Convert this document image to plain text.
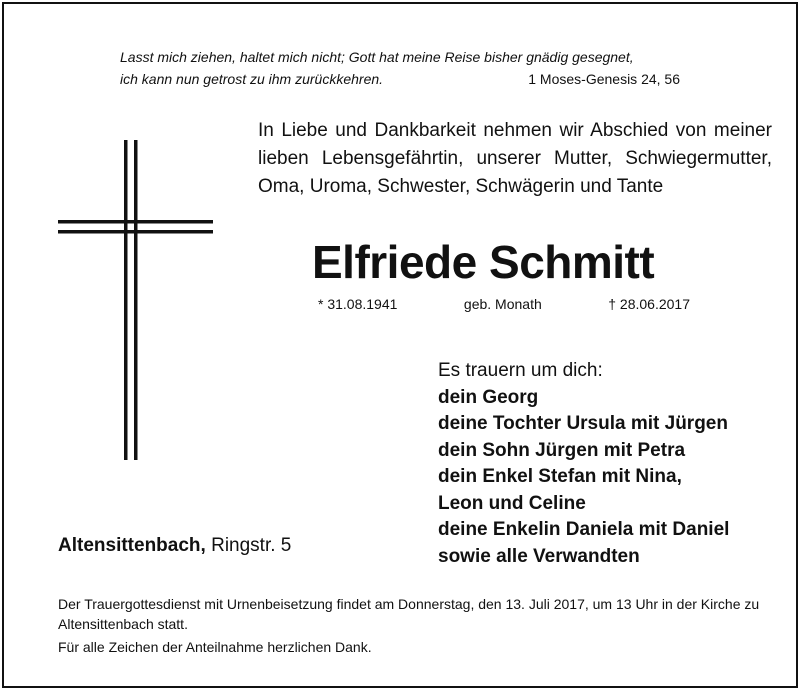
Lasst mich ziehen, haltet mich nicht; Gott hat meine Reise bisher gnädig gesegnet,
ich kann nun getrost zu ihm zurückkehren.	1 Moses-Genesis 24, 56
In Liebe und Dankbarkeit nehmen wir Abschied von meiner lieben Lebensgefährtin, unserer Mutter, Schwiegermutter, Oma, Uroma, Schwester, Schwägerin und Tante
Elfriede Schmitt
* 31.08.1941	geb. Monath	† 28.06.2017
Es trauern um dich:
dein Georg
deine Tochter Ursula mit Jürgen
dein Sohn Jürgen mit Petra
dein Enkel Stefan mit Nina,
Leon und Celine
deine Enkelin Daniela mit Daniel
sowie alle Verwandten
Altensittenbach, Ringstr. 5
Der Trauergottesdienst mit Urnenbeisetzung findet am Donnerstag, den 13. Juli 2017, um 13 Uhr in der Kirche zu Altensittenbach statt.
Für alle Zeichen der Anteilnahme herzlichen Dank.
